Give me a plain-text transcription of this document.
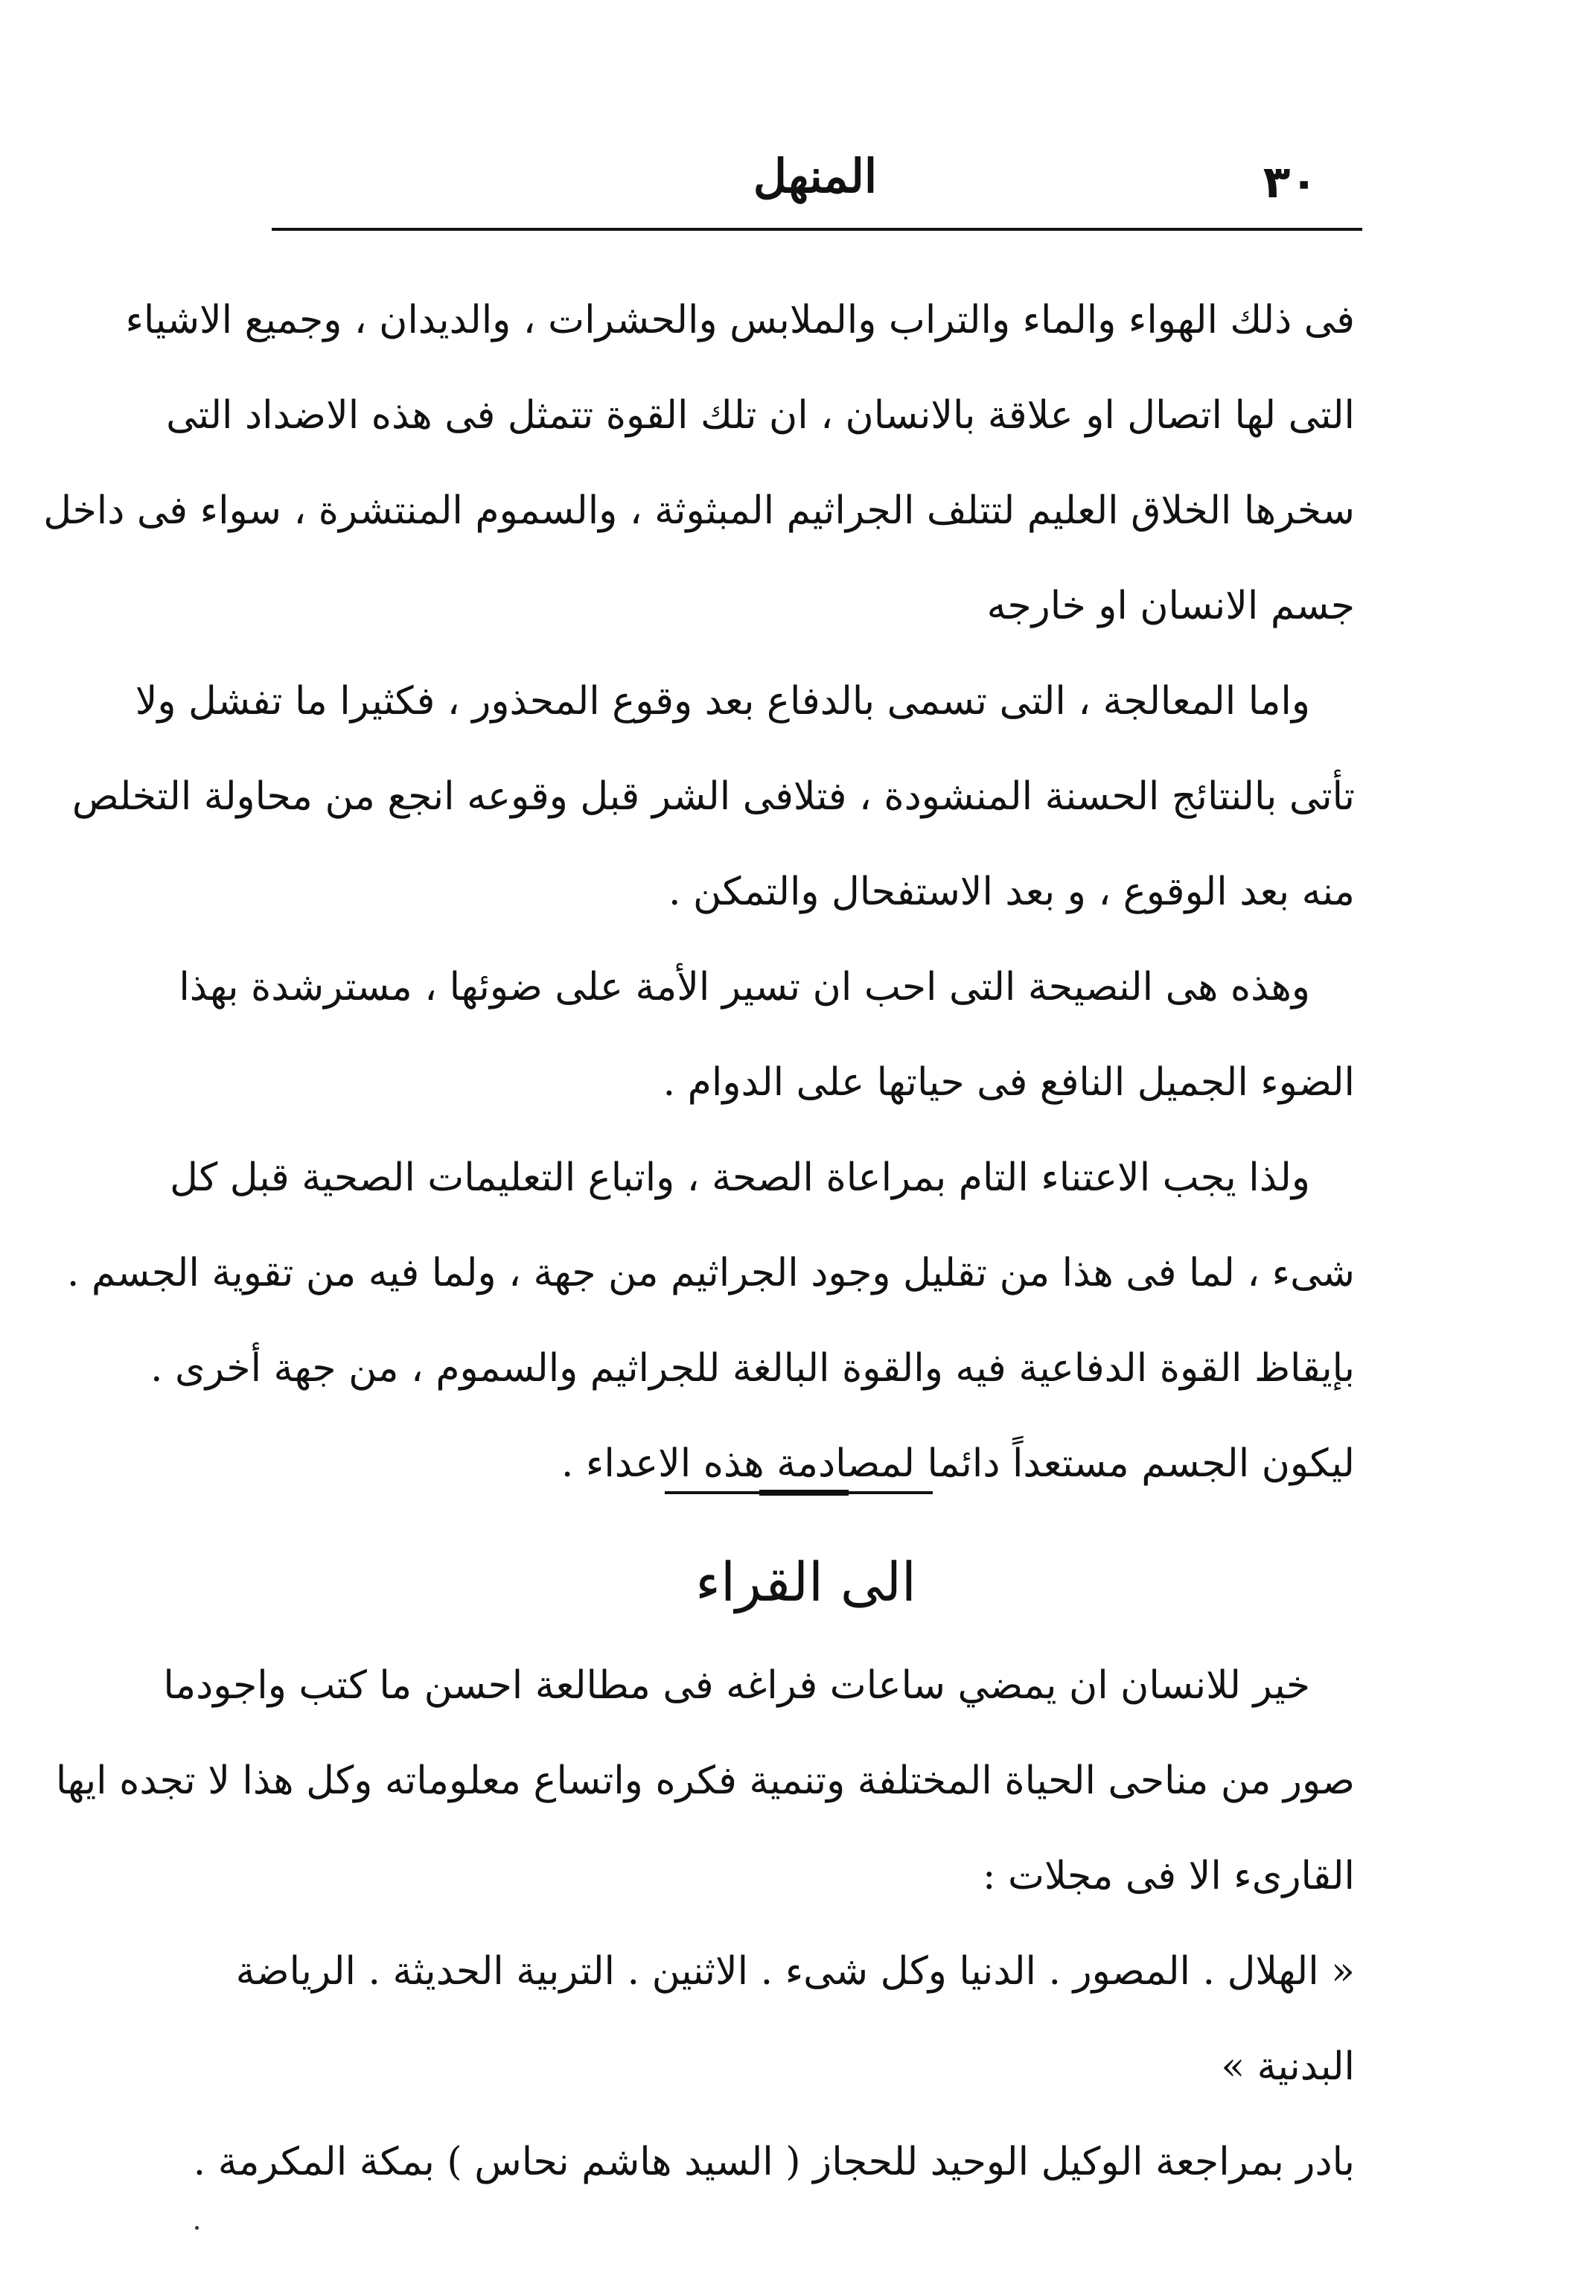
٣٠
المنهل
فى ذلك الهواء والماء والتراب والملابس والحشرات ، والديدان ، وجميع الاشياء
التى لها اتصال او علاقة بالانسان ، ان تلك القوة تتمثل فى هذه الاضداد التى
سخرها الخلاق العليم لتتلف الجراثيم المبثوثة ، والسموم المنتشرة ، سواء فى داخل
جسم الانسان او خارجه
واما المعالجة ، التى تسمى بالدفاع بعد وقوع المحذور ، فكثيرا ما تفشل ولا
تأتى بالنتائج الحسنة المنشودة ، فتلافى الشر قبل وقوعه انجع من محاولة التخلص
منه بعد الوقوع ، و بعد الاستفحال والتمكن .
وهذه هى النصيحة التى احب ان تسير الأمة على ضوئها ، مسترشدة بهذا
الضوء الجميل النافع فى حياتها على الدوام .
ولذا يجب الاعتناء التام بمراعاة الصحة ، واتباع التعليمات الصحية قبل كل
شىء ، لما فى هذا من تقليل وجود الجراثيم من جهة ، ولما فيه من تقوية الجسم .
بإيقاظ القوة الدفاعية فيه والقوة البالغة للجراثيم والسموم ، من جهة أخرى .
ليكون الجسم مستعداً دائما لمصادمة هذه الاعداء .
الى القراء
خير للانسان ان يمضي ساعات فراغه فى مطالعة احسن ما كتب واجودما
صور من مناحى الحياة المختلفة وتنمية فكره واتساع معلوماته وكل هذا لا تجده ايها
القارىء الا فى مجلات :
« الهلال . المصور . الدنيا وكل شىء . الاثنين . التربية الحديثة . الرياضة
البدنية »
بادر بمراجعة الوكيل الوحيد للحجاز ( السيد هاشم نحاس ) بمكة المكرمة .
